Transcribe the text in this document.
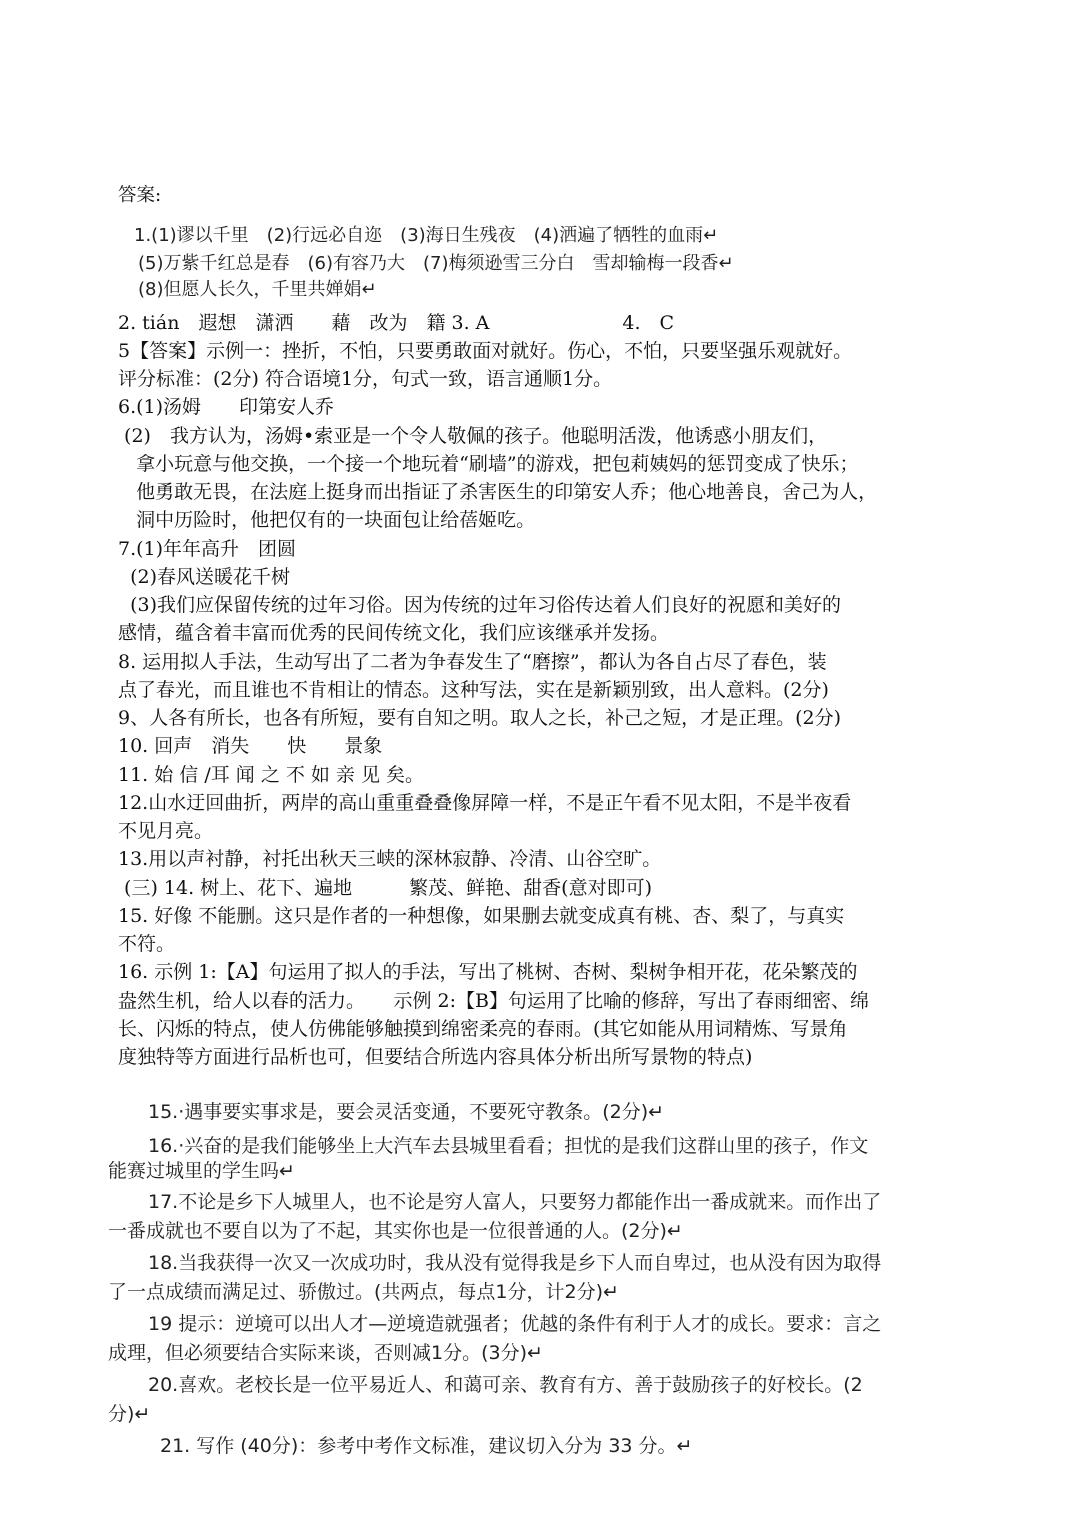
答案:
1.(1)谬以千里　(2)行远必自迩　(3)海日生残夜　(4)洒遍了牺牲的血雨↵
(5)万紫千红总是春　(6)有容乃大　(7)梅须逊雪三分白　雪却输梅一段香↵
(8)但愿人长久，千里共婵娟↵
2. tián　遐想　潇洒　　藉　改为　籍 3. A　　　　　　　4.　C
5【答案】示例一：挫折，不怕，只要勇敢面对就好。伤心，不怕，只要坚强乐观就好。
评分标准：(2分) 符合语境1分，句式一致，语言通顺1分。
6.(1)汤姆　　印第安人乔
(2)　我方认为，汤姆•索亚是一个令人敬佩的孩子。他聪明活泼，他诱惑小朋友们，
拿小玩意与他交换，一个接一个地玩着“刷墙”的游戏，把包莉姨妈的惩罚变成了快乐；
他勇敢无畏，在法庭上挺身而出指证了杀害医生的印第安人乔；他心地善良，舍己为人，
洞中历险时，他把仅有的一块面包让给蓓姬吃。
7.(1)年年高升　团圆
(2)春风送暖花千树
(3)我们应保留传统的过年习俗。因为传统的过年习俗传达着人们良好的祝愿和美好的
感情，蕴含着丰富而优秀的民间传统文化，我们应该继承并发扬。
8. 运用拟人手法，生动写出了二者为争春发生了“磨擦”，都认为各自占尽了春色，装
点了春光，而且谁也不肯相让的情态。这种写法，实在是新颖别致，出人意料。(2分)
9、人各有所长，也各有所短，要有自知之明。取人之长，补己之短，才是正理。(2分)
10. 回声　消失　　快　　景象
11. 始 信 /耳 闻 之 不 如 亲 见 矣。
12.山水迂回曲折，两岸的高山重重叠叠像屏障一样，不是正午看不见太阳，不是半夜看
不见月亮。
13.用以声衬静，衬托出秋天三峡的深林寂静、冷清、山谷空旷。
(三) 14. 树上、花下、遍地　　　繁茂、鲜艳、甜香(意对即可)
15. 好像 不能删。这只是作者的一种想像，如果删去就变成真有桃、杏、梨了，与真实
不符。
16. 示例 1:【A】句运用了拟人的手法，写出了桃树、杏树、梨树争相开花，花朵繁茂的
盎然生机，给人以春的活力。　　示例 2:【B】句运用了比喻的修辞，写出了春雨细密、绵
长、闪烁的特点，使人仿佛能够触摸到绵密柔亮的春雨。(其它如能从用词精炼、写景角
度独特等方面进行品析也可，但要结合所选内容具体分析出所写景物的特点)
15.·遇事要实事求是，要会灵活变通，不要死守教条。(2分)↵
16.·兴奋的是我们能够坐上大汽车去县城里看看；担忧的是我们这群山里的孩子，作文
能赛过城里的学生吗↵
17.不论是乡下人城里人，也不论是穷人富人，只要努力都能作出一番成就来。而作出了
一番成就也不要自以为了不起，其实你也是一位很普通的人。(2分)↵
18.当我获得一次又一次成功时，我从没有觉得我是乡下人而自卑过，也从没有因为取得
了一点成绩而满足过、骄傲过。(共两点，每点1分，计2分)↵
19 提示：逆境可以出人才—逆境造就强者；优越的条件有利于人才的成长。要求：言之
成理，但必须要结合实际来谈，否则减1分。(3分)↵
20.喜欢。老校长是一位平易近人、和蔼可亲、教育有方、善于鼓励孩子的好校长。(2
分)↵
21. 写作 (40分)：参考中考作文标准，建议切入分为 33 分。↵
